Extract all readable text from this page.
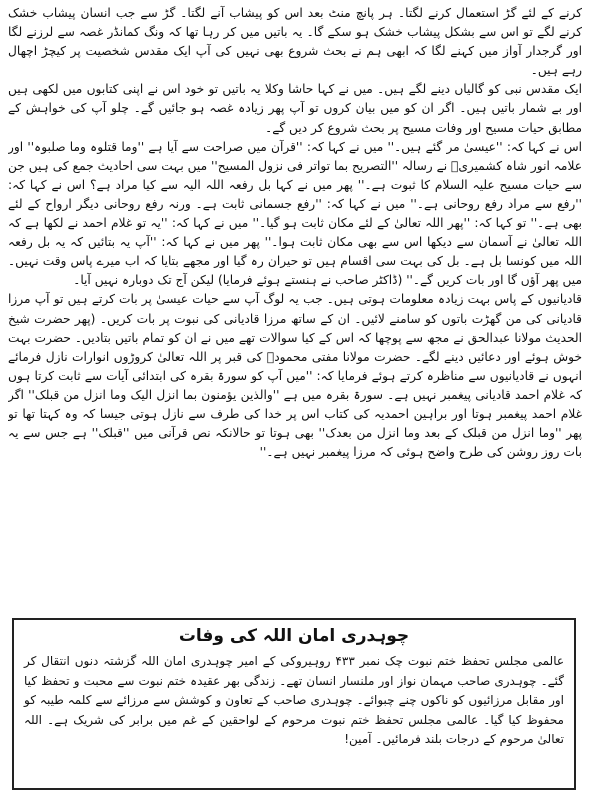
کرنے کے لئے گڑ استعمال کرنے لگتا۔ ہر پانچ منٹ بعد اس کو پیشاب آنے لگتا۔ گڑ سے جب انسان پیشاب خشک کرنے لگے تو اس سے بشکل پیشاب خشک ہو سکے گا۔ یہ باتیں میں کر رہا تھا کہ ونگ کمانڈر غصہ سے لرزنے لگا اور گرجدار آواز میں کہنے لگا کہ ابھی ہم نے بحث شروع بھی نہیں کی آپ ایک مقدس شخصیت پر کیچڑ اچھال رہے ہیں۔

ایک مقدس نبی کو گالیاں دینے لگے ہیں۔ میں نے کہا حاشا وکلا یہ باتیں تو خود اس نے اپنی کتابوں میں لکھی ہیں اور بے شمار باتیں ہیں۔ اگر ان کو میں بیان کروں تو آپ پھر زیادہ غصہ ہو جائیں گے۔ چلو آپ کی خواہش کے مطابق حیات مسیح اور وفات مسیح پر بحث شروع کر دیں گے۔

اس نے کہا کہ: ''عیسیٰ مر گئے ہیں۔'' میں نے کہا کہ: ''قرآن میں صراحت سے آیا ہے ''وما قتلوہ وما صلبوہ'' اور علامہ انور شاہ کشمیریؒ نے رسالہ ''التصریح بما تواتر فی نزول المسیح'' میں بہت سی احادیث جمع کی ہیں جن سے حیات مسیح علیہ السلام کا ثبوت ہے۔'' پھر میں نے کہا بل رفعہ اللہ الیہ سے کیا مراد ہے؟ اس نے کہا کہ: ''رفع سے مراد رفع روحانی ہے۔'' میں نے کہا کہ: ''رفع جسمانی ثابت ہے۔ ورنہ رفع روحانی دیگر ارواح کے لئے بھی ہے۔'' تو کہا کہ: ''پھر اللہ تعالیٰ کے لئے مکان ثابت ہو گیا۔'' میں نے کہا کہ: ''یہ تو غلام احمد نے لکھا ہے کہ اللہ تعالیٰ نے آسمان سے دیکھا اس سے بھی مکان ثابت ہوا۔'' پھر میں نے کہا کہ: ''آپ یہ بتائیں کہ یہ بل رفعہ اللہ میں کونسا بل ہے۔ بل کی بہت سی اقسام ہیں تو حیران رہ گیا اور مجھے بتایا کہ اب میرے پاس وقت نہیں۔ میں پھر آؤں گا اور بات کریں گے۔'' (ڈاکٹر صاحب نے ہنستے ہوئے فرمایا) لیکن آج تک دوبارہ نہیں آیا۔

قادیانیوں کے پاس بہت زیادہ معلومات ہوتی ہیں۔ جب یہ لوگ آپ سے حیات عیسیٰ پر بات کرتے ہیں تو آپ مرزا قادیانی کی من گھڑت باتوں کو سامنے لائیں۔ ان کے ساتھ مرزا قادیانی کی نبوت پر بات کریں۔ (پھر حضرت شیخ الحدیث مولانا عبدالحق نے مجھ سے پوچھا کہ اس کے کیا سوالات تھے میں نے ان کو تمام باتیں بتادیں۔ حضرت بہت خوش ہوئے اور دعائیں دینے لگے۔ حضرت مولانا مفتی محمودؒ کی قبر پر اللہ تعالیٰ کروڑوں انوارات نازل فرمائے انہوں نے قادیانیوں سے مناظرہ کرتے ہوئے فرمایا کہ: ''میں آپ کو سورۃ بقرہ کی ابتدائی آیات سے ثابت کرتا ہوں کہ غلام احمد قادیانی پیغمبر نہیں ہے۔ سورۃ بقرہ میں ہے ''والذین یؤمنون بما انزل الیک وما انزل من قبلک'' اگر غلام احمد پیغمبر ہوتا اور براہین احمدیہ کی کتاب اس پر خدا کی طرف سے نازل ہوتی جیسا کہ وہ کہتا تھا تو پھر ''وما انزل من قبلک کے بعد وما انزل من بعدک'' بھی ہوتا تو حالانکہ نص قرآنی میں ''قبلک'' ہے جس سے یہ بات روز روشن کی طرح واضح ہوئی کہ مرزا پیغمبر نہیں ہے۔''

چوہدری امان اللہ کی وفات

عالمی مجلس تحفظ ختم نبوت چک نمبر ۴۳۳ روہیروکی کے امیر چوہدری امان اللہ گزشتہ دنوں انتقال کر گئے۔ چوہدری صاحب مہمان نواز اور ملنسار انسان تھے۔ زندگی بھر عقیدہ ختم نبوت سے محبت و تحفظ کیا اور مقابل مرزائیوں کو ناکوں چنے چبوائے۔ چوہدری صاحب کے تعاون و کوشش سے مرزائے سے کلمہ طیبہ کو محفوظ کیا گیا۔ عالمی مجلس تحفظ ختم نبوت مرحوم کے لواحقین کے غم میں برابر کی شریک ہے۔ اللہ تعالیٰ مرحوم کے درجات بلند فرمائیں۔ آمین!
